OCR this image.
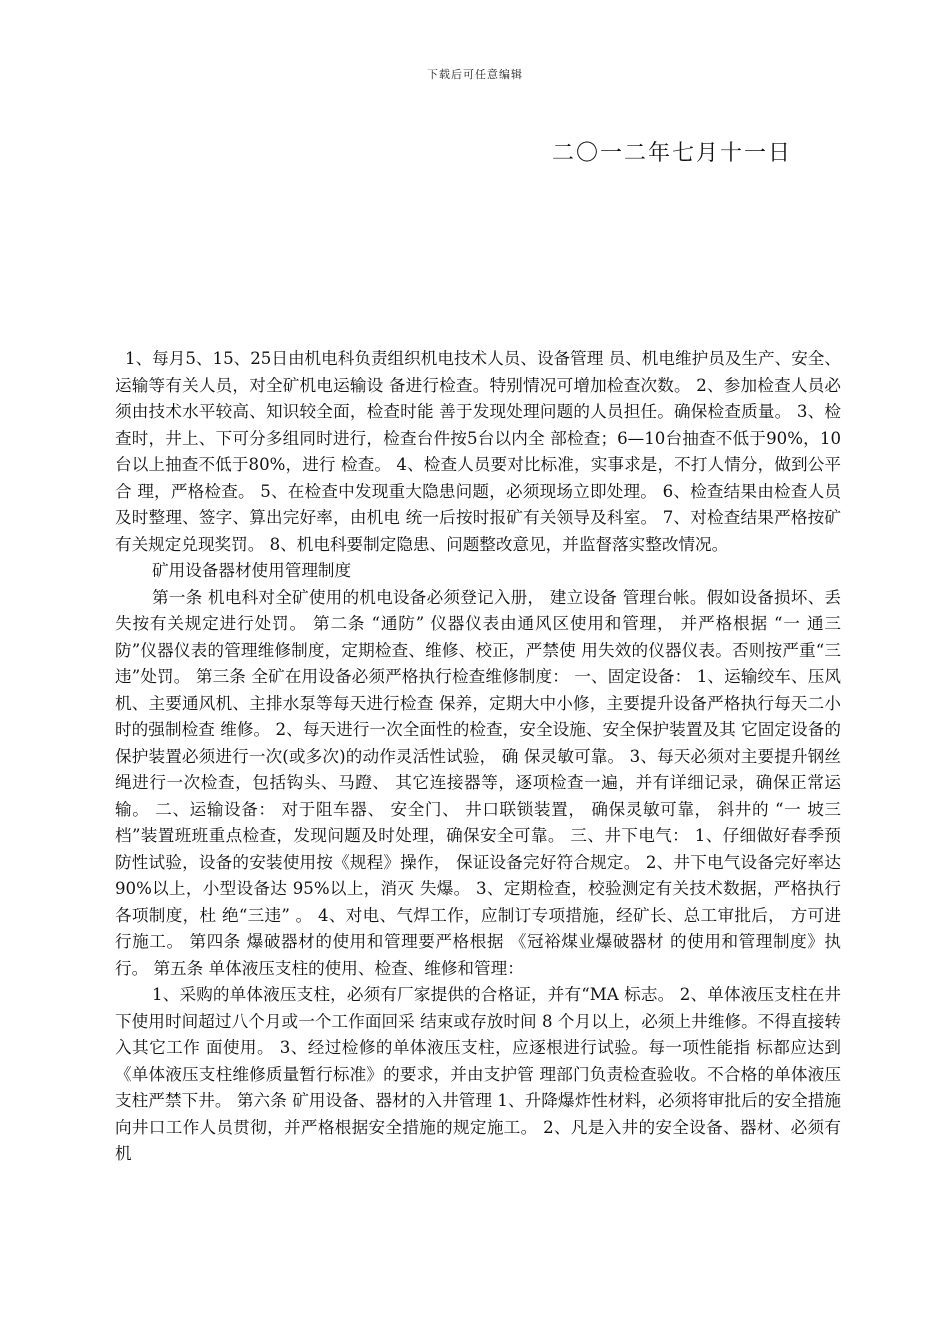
下载后可任意编辑
二〇一二年七月十一日

1、每月5、15、25日由机电科负责组织机电技术人员、设备管理 员、机电维护员及生产、安全、运输等有关人员，对全矿机电运输设 备进行检查。特别情况可增加检查次数。 2、参加检查人员必须由技术水平较高、知识较全面，检查时能 善于发现处理问题的人员担任。确保检查质量。 3、检查时，井上、下可分多组同时进行，检查台件按5台以内全 部检查；6—10台抽查不低于90%，10台以上抽查不低于80%，进行 检查。 4、检查人员要对比标准，实事求是，不打人情分，做到公平合 理，严格检查。 5、在检查中发现重大隐患问题，必须现场立即处理。 6、检查结果由检查人员及时整理、签字、算出完好率，由机电 统一后按时报矿有关领导及科室。 7、对检查结果严格按矿有关规定兑现奖罚。 8、机电科要制定隐患、问题整改意见，并监督落实整改情况。

矿用设备器材使用管理制度

第一条 机电科对全矿使用的机电设备必须登记入册， 建立设备 管理台帐。假如设备损坏、丢失按有关规定进行处罚。 第二条 “通防” 仪器仪表由通风区使用和管理， 并严格根据 “一 通三防”仪器仪表的管理维修制度，定期检查、维修、校正，严禁使 用失效的仪器仪表。否则按严重“三违”处罚。 第三条 全矿在用设备必须严格执行检查维修制度： 一、固定设备： 1、运输绞车、压风机、主要通风机、主排水泵等每天进行检查 保养，定期大中小修，主要提升设备严格执行每天二小时的强制检查 维修。 2、每天进行一次全面性的检查，安全设施、安全保护装置及其 它固定设备的保护装置必须进行一次(或多次)的动作灵活性试验， 确 保灵敏可靠。 3、每天必须对主要提升钢丝绳进行一次检查，包括钩头、马蹬、 其它连接器等，逐项检查一遍，并有详细记录，确保正常运输。 二、运输设备： 对于阻车器、 安全门、 井口联锁装置， 确保灵敏可靠， 斜井的 “一 坡三档”装置班班重点检查，发现问题及时处理，确保安全可靠。 三、井下电气： 1、仔细做好春季预防性试验，设备的安装使用按《规程》操作， 保证设备完好符合规定。 2、井下电气设备完好率达 90%以上，小型设备达 95%以上，消灭 失爆。 3、定期检查，校验测定有关技术数据，严格执行各项制度，杜 绝“三违” 。 4、对电、气焊工作，应制订专项措施，经矿长、总工审批后， 方可进行施工。 第四条 爆破器材的使用和管理要严格根据 《冠裕煤业爆破器材 的使用和管理制度》执行。 第五条 单体液压支柱的使用、检查、维修和管理：

1、采购的单体液压支柱，必须有厂家提供的合格证，并有“MA 标志。 2、单体液压支柱在井下使用时间超过八个月或一个工作面回采 结束或存放时间 8 个月以上，必须上井维修。不得直接转入其它工作 面使用。 3、经过检修的单体液压支柱，应逐根进行试验。每一项性能指 标都应达到《单体液压支柱维修质量暂行标准》的要求，并由支护管 理部门负责检查验收。不合格的单体液压支柱严禁下井。 第六条 矿用设备、器材的入井管理 1、升降爆炸性材料，必须将审批后的安全措施向井口工作人员贯彻，并严格根据安全措施的规定施工。 2、凡是入井的安全设备、器材、必须有机
